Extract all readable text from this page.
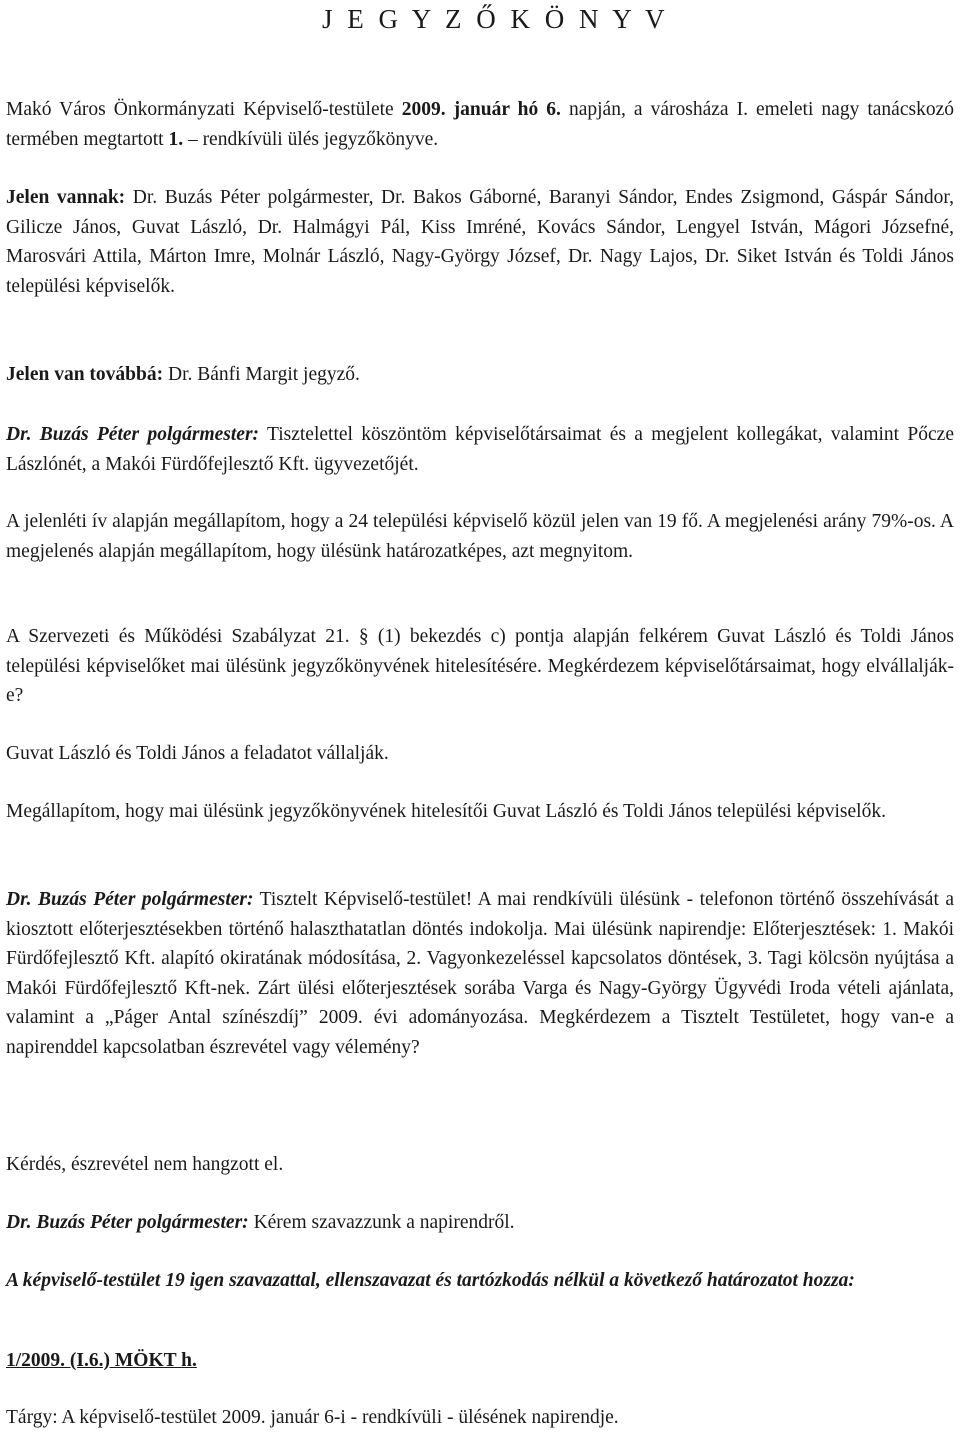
J E G Y Z Ő K Ö N Y V

Makó Város Önkormányzati Képviselő-testülete 2009. január hó 6. napján, a városháza I. emeleti nagy tanácskozó termében megtartott 1. – rendkívüli ülés jegyzőkönyve.

Jelen vannak: Dr. Buzás Péter polgármester, Dr. Bakos Gáborné, Baranyi Sándor, Endes Zsigmond, Gáspár Sándor, Gilicze János, Guvat László, Dr. Halmágyi Pál, Kiss Imréné, Kovács Sándor, Lengyel István, Mágori Józsefné, Marosvári Attila, Márton Imre, Molnár László, Nagy-György József, Dr. Nagy Lajos, Dr. Siket István és Toldi János települési képviselők.

Jelen van továbbá: Dr. Bánfi Margit jegyző.

Dr. Buzás Péter polgármester: Tisztelettel köszöntöm képviselőtársaimat és a megjelent kollegákat, valamint Pőcze Lászlónét, a Makói Fürdőfejlesztő Kft. ügyvezetőjét.

A jelenléti ív alapján megállapítom, hogy a 24 települési képviselő közül jelen van 19 fő. A megjelenési arány 79%-os. A megjelenés alapján megállapítom, hogy ülésünk határozatképes, azt megnyitom.

A Szervezeti és Működési Szabályzat 21. § (1) bekezdés c) pontja alapján felkérem Guvat László és Toldi János települési képviselőket mai ülésünk jegyzőkönyvének hitelesítésére. Megkérdezem képviselőtársaimat, hogy elvállalják-e?

Guvat László és Toldi János a feladatot vállalják.

Megállapítom, hogy mai ülésünk jegyzőkönyvének hitelesítői Guvat László és Toldi János települési képviselők.

Dr. Buzás Péter polgármester: Tisztelt Képviselő-testület! A mai rendkívüli ülésünk - telefonon történő összehívását a kiosztott előterjesztésekben történő halaszthatatlan döntés indokolja. Mai ülésünk napirendje: Előterjesztések: 1. Makói Fürdőfejlesztő Kft. alapító okiratának módosítása, 2. Vagyonkezeléssel kapcsolatos döntések, 3. Tagi kölcsön nyújtása a Makói Fürdőfejlesztő Kft-nek. Zárt ülési előterjesztések sorába Varga és Nagy-György Ügyvédi Iroda vételi ajánlata, valamint a „Páger Antal színészdíj” 2009. évi adományozása. Megkérdezem a Tisztelt Testületet, hogy van-e a napirenddel kapcsolatban észrevétel vagy vélemény?

Kérdés, észrevétel nem hangzott el.

Dr. Buzás Péter polgármester: Kérem szavazzunk a napirendről.

A képviselő-testület 19 igen szavazattal, ellenszavazat és tartózkodás nélkül a következő határozatot hozza:

1/2009. (I.6.) MÖKT h.

Tárgy: A képviselő-testület 2009. január 6-i - rendkívüli - ülésének napirendje.
